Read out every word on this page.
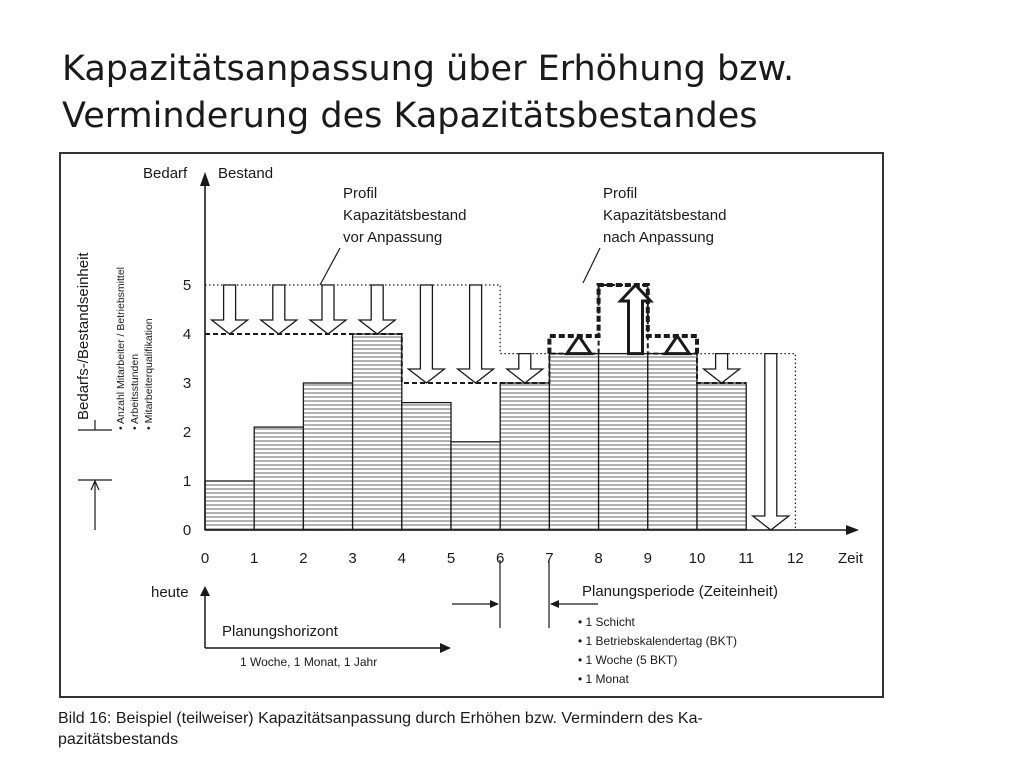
Kapazitätsanpassung über Erhöhung bzw.
Verminderung des Kapazitätsbestandes
Bedarf Bestand
Profil
Kapazitätsbestand
vor Anpassung
Profil
Kapazitätsbestand
nach Anpassung
Bedarfs-/Bestandseinheit • Anzahl Mitarbeiter / Betriebsmittel • Arbeitsstunden • Mitarbeiterqualifikation
0	1	2	3	4	5	6	7	8	9 10 11 12
0
1
2
3
4
5
Zeit
heute
Planungshorizont
1 Woche, 1 Monat, 1 Jahr
Planungsperiode (Zeiteinheit)
• 1 Schicht
• 1 Betriebskalendertag (BKT)
• 1 Woche (5 BKT)
• 1 Monat
Bild 16: Beispiel (teilweiser) Kapazitätsanpassung durch Erhöhen bzw. Vermindern des Ka-
pazitätsbestands
